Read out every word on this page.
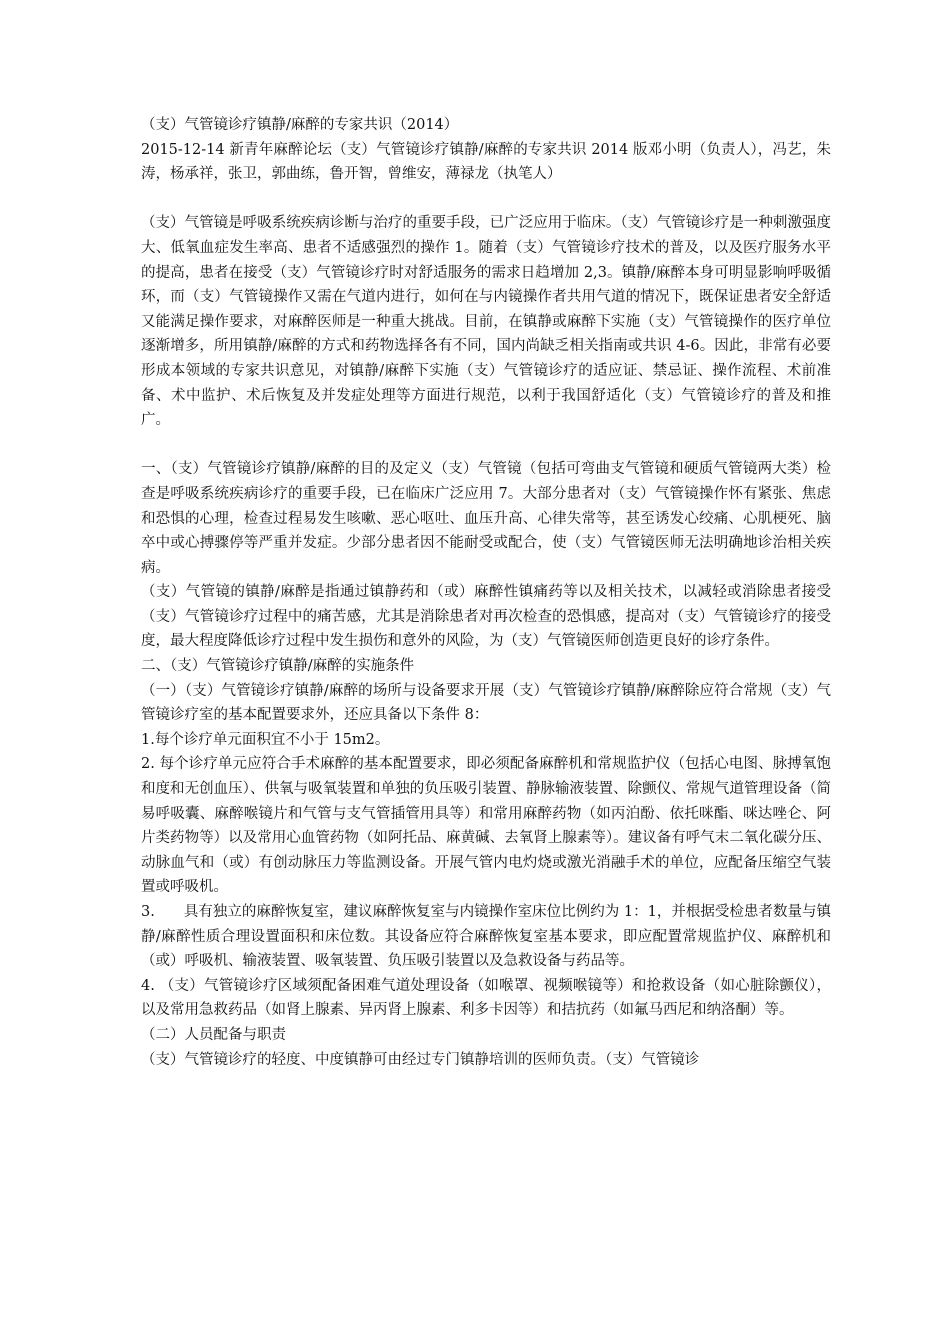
（支）气管镜诊疗镇静/麻醉的专家共识（2014）

2015-12-14 新青年麻醉论坛（支）气管镜诊疗镇静/麻醉的专家共识 2014 版邓小明（负责人），冯艺，朱涛，杨承祥，张卫，郭曲练，鲁开智，曾维安，薄禄龙（执笔人）

（支）气管镜是呼吸系统疾病诊断与治疗的重要手段，已广泛应用于临床。（支）气管镜诊疗是一种刺激强度大、低氧血症发生率高、患者不适感强烈的操作 1。随着（支）气管镜诊疗技术的普及，以及医疗服务水平的提高，患者在接受（支）气管镜诊疗时对舒适服务的需求日趋增加 2,3。镇静/麻醉本身可明显影响呼吸循环，而（支）气管镜操作又需在气道内进行，如何在与内镜操作者共用气道的情况下，既保证患者安全舒适又能满足操作要求，对麻醉医师是一种重大挑战。目前，在镇静或麻醉下实施（支）气管镜操作的医疗单位逐渐增多，所用镇静/麻醉的方式和药物选择各有不同，国内尚缺乏相关指南或共识 4-6。因此，非常有必要形成本领域的专家共识意见，对镇静/麻醉下实施（支）气管镜诊疗的适应证、禁忌证、操作流程、术前准备、术中监护、术后恢复及并发症处理等方面进行规范，以利于我国舒适化（支）气管镜诊疗的普及和推广。

一、（支）气管镜诊疗镇静/麻醉的目的及定义（支）气管镜（包括可弯曲支气管镜和硬质气管镜两大类）检查是呼吸系统疾病诊疗的重要手段，已在临床广泛应用 7。大部分患者对（支）气管镜操作怀有紧张、焦虑和恐惧的心理，检查过程易发生咳嗽、恶心呕吐、血压升高、心律失常等，甚至诱发心绞痛、心肌梗死、脑卒中或心搏骤停等严重并发症。少部分患者因不能耐受或配合，使（支）气管镜医师无法明确地诊治相关疾病。

（支）气管镜的镇静/麻醉是指通过镇静药和（或）麻醉性镇痛药等以及相关技术，以减轻或消除患者接受（支）气管镜诊疗过程中的痛苦感，尤其是消除患者对再次检查的恐惧感，提高对（支）气管镜诊疗的接受度，最大程度降低诊疗过程中发生损伤和意外的风险，为（支）气管镜医师创造更良好的诊疗条件。

二、（支）气管镜诊疗镇静/麻醉的实施条件

（一）（支）气管镜诊疗镇静/麻醉的场所与设备要求开展（支）气管镜诊疗镇静/麻醉除应符合常规（支）气管镜诊疗室的基本配置要求外，还应具备以下条件 8：

1.每个诊疗单元面积宜不小于 15m2。

2. 每个诊疗单元应符合手术麻醉的基本配置要求，即必须配备麻醉机和常规监护仪（包括心电图、脉搏氧饱和度和无创血压）、供氧与吸氧装置和单独的负压吸引装置、静脉输液装置、除颤仪、常规气道管理设备（简易呼吸囊、麻醉喉镜片和气管与支气管插管用具等）和常用麻醉药物（如丙泊酚、依托咪酯、咪达唑仑、阿片类药物等）以及常用心血管药物（如阿托品、麻黄碱、去氧肾上腺素等）。建议备有呼气末二氧化碳分压、动脉血气和（或）有创动脉压力等监测设备。开展气管内电灼烧或激光消融手术的单位，应配备压缩空气装置或呼吸机。

3.　　具有独立的麻醉恢复室，建议麻醉恢复室与内镜操作室床位比例约为 1：1，并根据受检患者数量与镇静/麻醉性质合理设置面积和床位数。其设备应符合麻醉恢复室基本要求，即应配置常规监护仪、麻醉机和（或）呼吸机、输液装置、吸氧装置、负压吸引装置以及急救设备与药品等。

4. （支）气管镜诊疗区域须配备困难气道处理设备（如喉罩、视频喉镜等）和抢救设备（如心脏除颤仪），以及常用急救药品（如肾上腺素、异丙肾上腺素、利多卡因等）和拮抗药（如氟马西尼和纳洛酮）等。

（二）人员配备与职责

（支）气管镜诊疗的轻度、中度镇静可由经过专门镇静培训的医师负责。（支）气管镜诊
